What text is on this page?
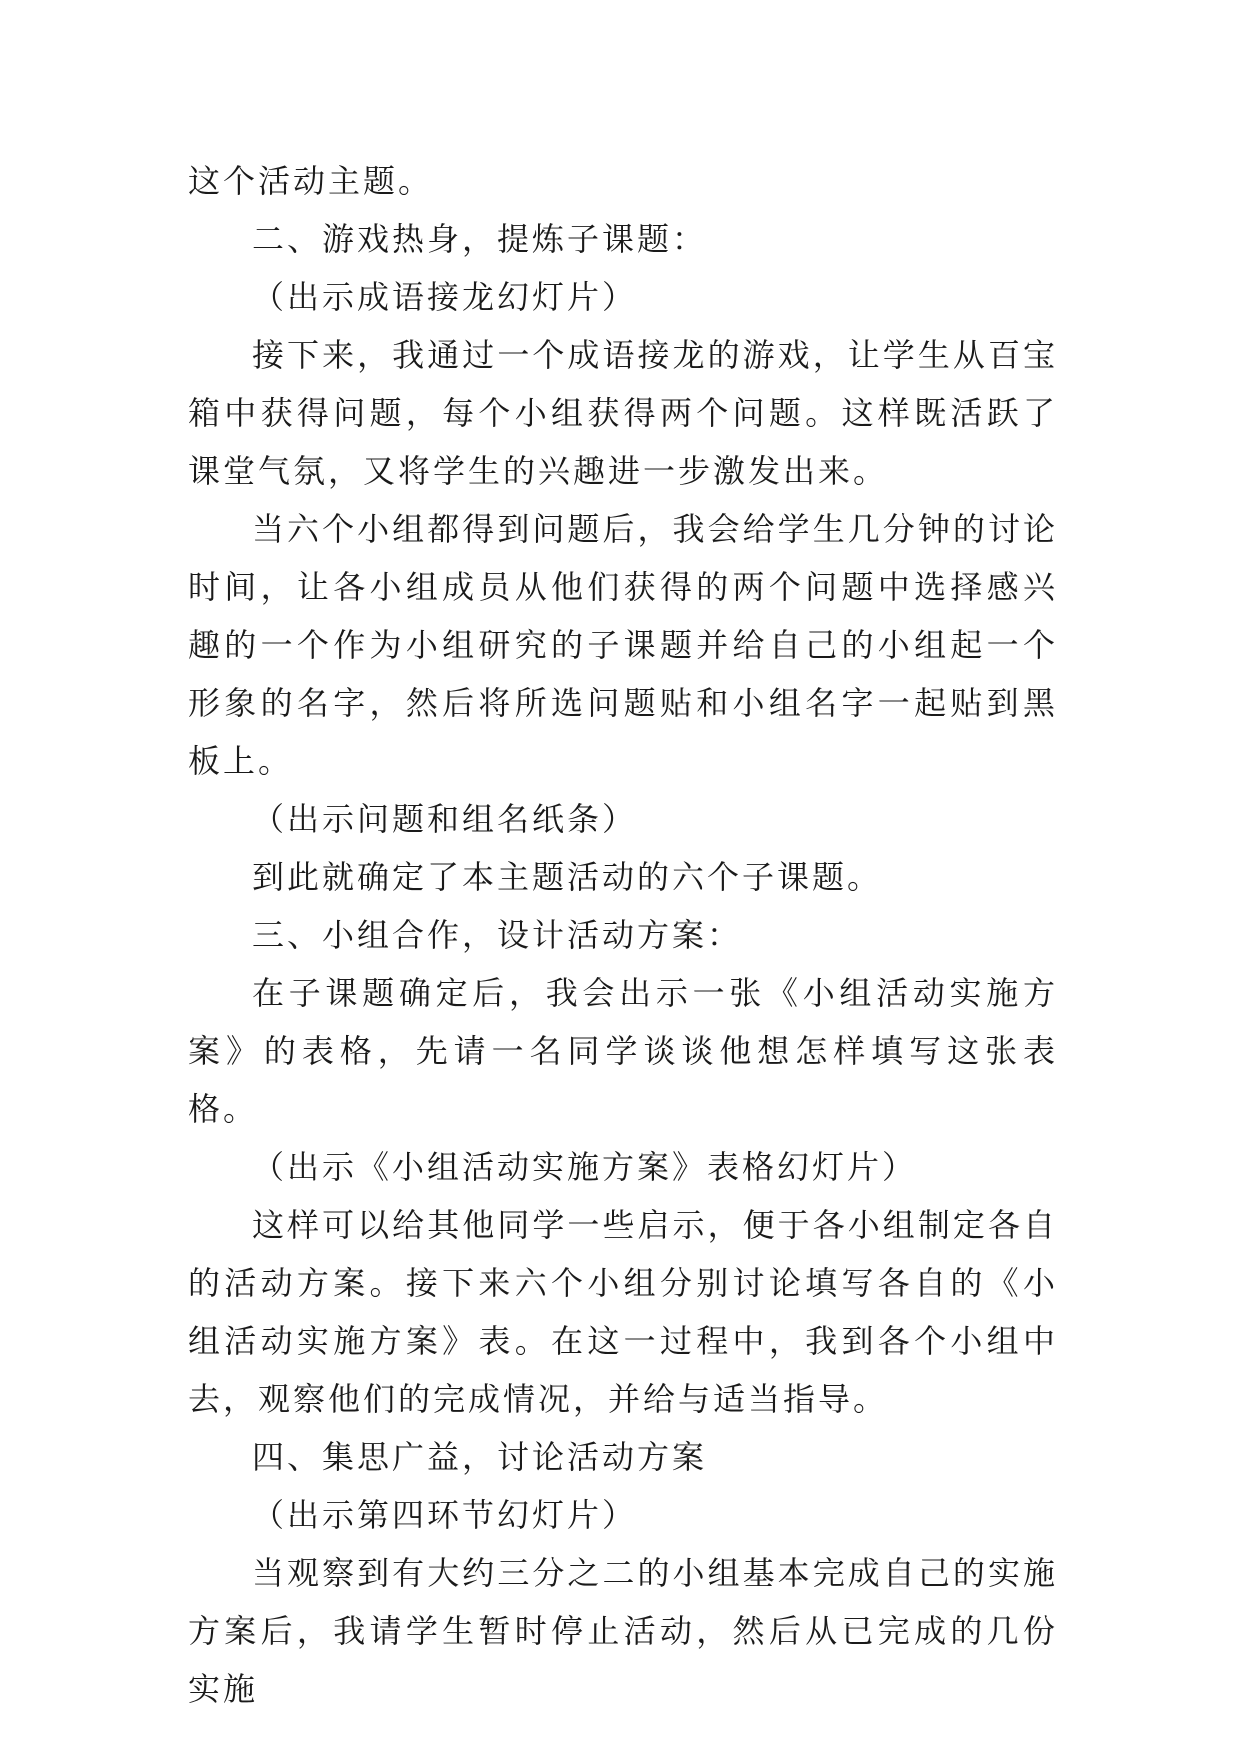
这个活动主题。

二、游戏热身，提炼子课题：

（出示成语接龙幻灯片）

接下来，我通过一个成语接龙的游戏，让学生从百宝箱中获得问题，每个小组获得两个问题。这样既活跃了课堂气氛，又将学生的兴趣进一步激发出来。

当六个小组都得到问题后，我会给学生几分钟的讨论时间，让各小组成员从他们获得的两个问题中选择感兴趣的一个作为小组研究的子课题并给自己的小组起一个形象的名字，然后将所选问题贴和小组名字一起贴到黑板上。

（出示问题和组名纸条）

到此就确定了本主题活动的六个子课题。

三、小组合作，设计活动方案：

在子课题确定后，我会出示一张《小组活动实施方案》的表格，先请一名同学谈谈他想怎样填写这张表格。

（出示《小组活动实施方案》表格幻灯片）

这样可以给其他同学一些启示，便于各小组制定各自的活动方案。接下来六个小组分别讨论填写各自的《小组活动实施方案》表。在这一过程中，我到各个小组中去，观察他们的完成情况，并给与适当指导。

四、集思广益，讨论活动方案

（出示第四环节幻灯片）

当观察到有大约三分之二的小组基本完成自己的实施方案后，我请学生暂时停止活动，然后从已完成的几份实施
